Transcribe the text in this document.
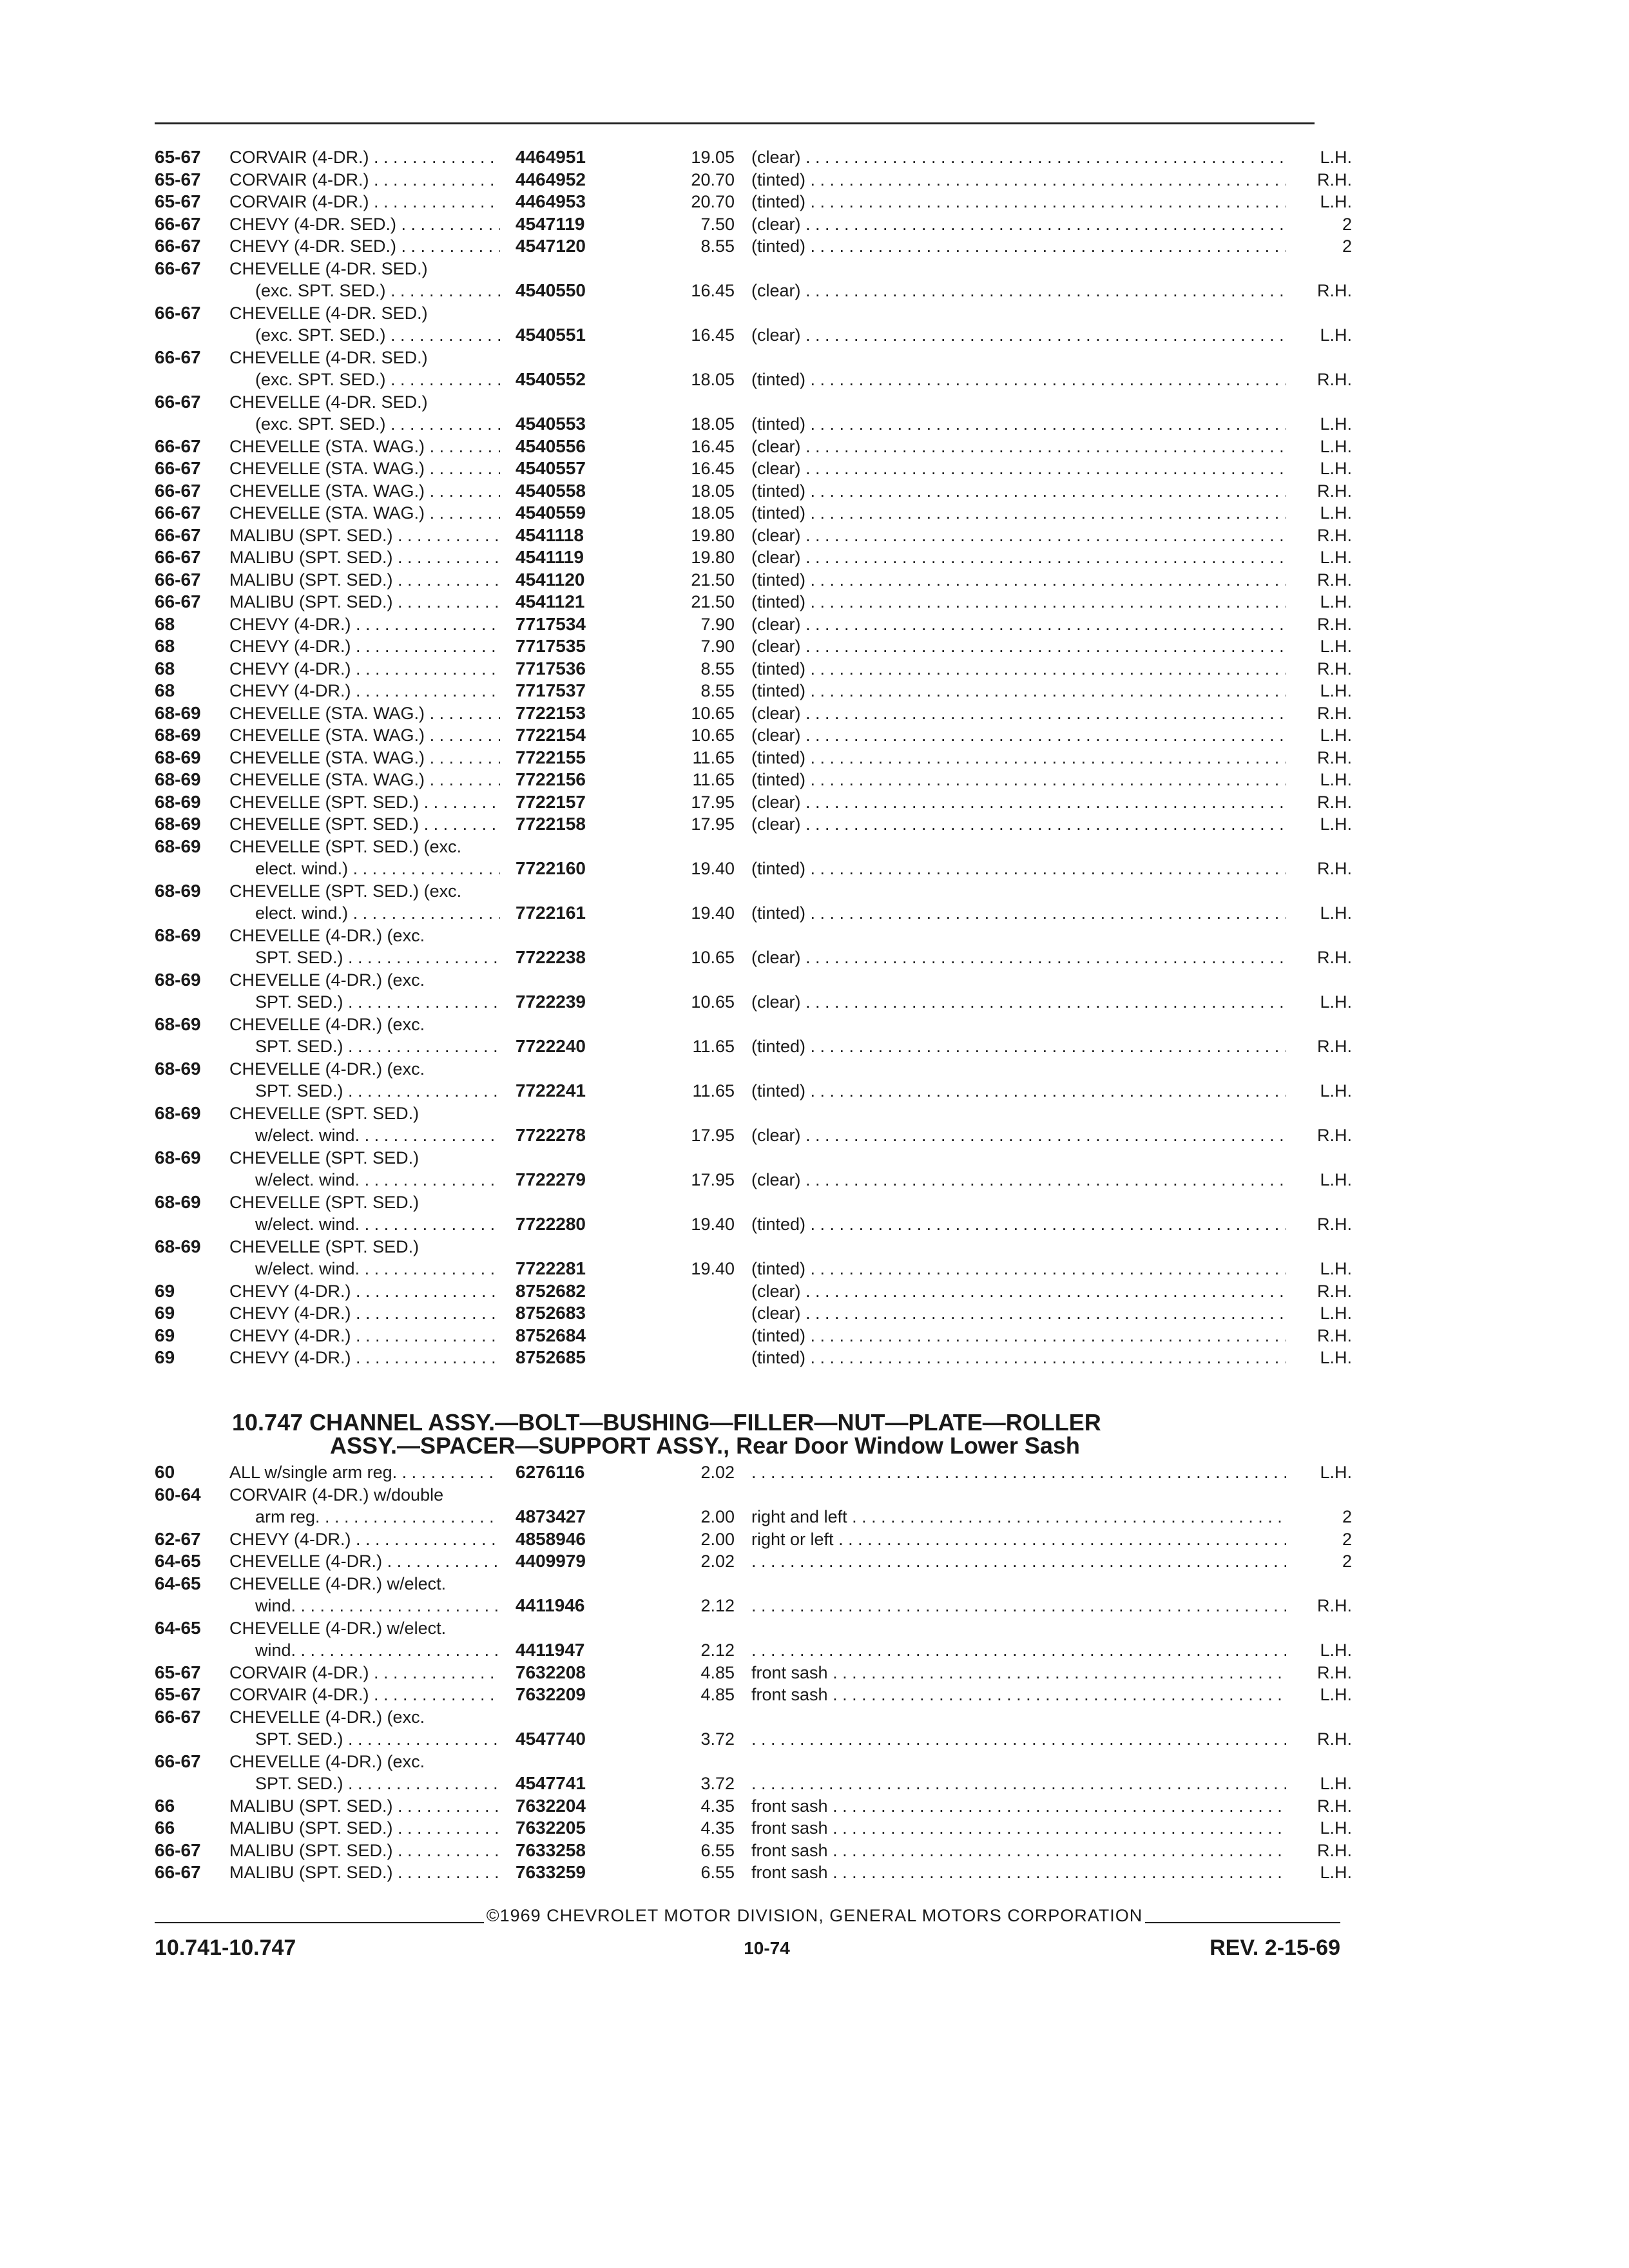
65-67 CORVAIR (4-DR.) . . .	4464951	19.05 (clear) . . .	L.H.
65-67 CORVAIR (4-DR.) . . .	4464952	20.70 (tinted) . . .	R.H.
65-67 CORVAIR (4-DR.) . . .	4464953	20.70 (tinted) . . .	L.H.
66-67 CHEVY (4-DR. SED.) . . .	4547119	7.50 (clear) . . .	2
66-67 CHEVY (4-DR. SED.) . . .	4547120	8.55 (tinted) . . .	2
66-67 CHEVELLE (4-DR. SED.)
(exc. SPT. SED.) . . .	4540550	16.45 (clear) . . .	R.H.
66-67 CHEVELLE (4-DR. SED.)
(exc. SPT. SED.) . . .	4540551	16.45 (clear) . . .	L.H.
66-67 CHEVELLE (4-DR. SED.)
(exc. SPT. SED.) . . .	4540552	18.05 (tinted) . . .	R.H.
66-67 CHEVELLE (4-DR. SED.)
(exc. SPT. SED.) . . .	4540553	18.05 (tinted) . . .	L.H.
66-67 CHEVELLE (STA. WAG.) . . .	4540556	16.45 (clear) . . .	L.H.
66-67 CHEVELLE (STA. WAG.) . . .	4540557	16.45 (clear) . . .	L.H.
66-67 CHEVELLE (STA. WAG.) . . .	4540558	18.05 (tinted) . . .	R.H.
66-67 CHEVELLE (STA. WAG.) . . .	4540559	18.05 (tinted) . . .	L.H.
66-67 MALIBU (SPT. SED.) . . .	4541118	19.80 (clear) . . .	R.H.
66-67 MALIBU (SPT. SED.) . . .	4541119	19.80 (clear) . . .	L.H.
66-67 MALIBU (SPT. SED.) . . .	4541120	21.50 (tinted) . . .	R.H.
66-67 MALIBU (SPT. SED.) . . .	4541121	21.50 (tinted) . . .	L.H.
68	CHEVY (4-DR.) . . .	7717534	7.90 (clear) . . .	R.H.
68	CHEVY (4-DR.) . . .	7717535	7.90 (clear) . . .	L.H.
68	CHEVY (4-DR.) . . .	7717536	8.55 (tinted) . . .	R.H.
68	CHEVY (4-DR.) . . .	7717537	8.55 (tinted) . . .	L.H.
68-69 CHEVELLE (STA. WAG.) . . .	7722153	10.65 (clear) . . .	R.H.
68-69 CHEVELLE (STA. WAG.) . . .	7722154	10.65 (clear) . . .	L.H.
68-69 CHEVELLE (STA. WAG.) . . .	7722155	11.65 (tinted) . . .	R.H.
68-69 CHEVELLE (STA. WAG.) . . .	7722156	11.65 (tinted) . . .	L.H.
68-69 CHEVELLE (SPT. SED.) . . .	7722157	17.95 (clear) . . .	R.H.
68-69 CHEVELLE (SPT. SED.) . . .	7722158	17.95 (clear) . . .	L.H.
68-69 CHEVELLE (SPT. SED.) (exc.
elect. wind.) . . .	7722160	19.40 (tinted) . . .	R.H.
68-69 CHEVELLE (SPT. SED.) (exc.
elect. wind.) . . .	7722161	19.40 (tinted) . . .	L.H.
68-69 CHEVELLE (4-DR.) (exc.
SPT. SED.) . . .	7722238	10.65 (clear) . . .	R.H.
68-69 CHEVELLE (4-DR.) (exc.
SPT. SED.) . . .	7722239	10.65 (clear) . . .	L.H.
68-69 CHEVELLE (4-DR.) (exc.
SPT. SED.) . . .	7722240	11.65 (tinted) . . .	R.H.
68-69 CHEVELLE (4-DR.) (exc.
SPT. SED.) . . .	7722241	11.65 (tinted) . . .	L.H.
68-69 CHEVELLE (SPT. SED.)
w/elect. wind. . . .	7722278	17.95 (clear) . . .	R.H.
68-69 CHEVELLE (SPT. SED.)
w/elect. wind. . . .	7722279	17.95 (clear) . . .	L.H.
68-69 CHEVELLE (SPT. SED.)
w/elect. wind. . . .	7722280	19.40 (tinted) . . .	R.H.
68-69 CHEVELLE (SPT. SED.)
w/elect. wind. . . .	7722281	19.40 (tinted) . . .	L.H.
69	CHEVY (4-DR.) . . .	8752682	(clear) . . .	R.H.
69	CHEVY (4-DR.) . . .	8752683	(clear) . . .	L.H.
69	CHEVY (4-DR.) . . .	8752684	(tinted) . . .	R.H.
69	CHEVY (4-DR.) . . .	8752685	(tinted) . . .	L.H.
10.747 CHANNEL ASSY.—BOLT—BUSHING—FILLER—NUT—PLATE—ROLLER
ASSY.—SPACER—SUPPORT ASSY., Rear Door Window Lower Sash
60	ALL w/single arm reg. . . .	6276116	2.02 . . .	L.H.
60-64 CORVAIR (4-DR.) w/double
arm reg. . . .	4873427	2.00 right and left . . .	2
62-67 CHEVY (4-DR.) . . .	4858946	2.00 right or left . . .	2
64-65 CHEVELLE (4-DR.) . . .	4409979	2.02 . . .	2
64-65 CHEVELLE (4-DR.) w/elect.
wind. . . .	4411946	2.12 . . .	R.H.
64-65 CHEVELLE (4-DR.) w/elect.
wind. . . .	4411947	2.12 . . .	L.H.
65-67 CORVAIR (4-DR.) . . .	7632208	4.85 front sash . . .	R.H.
65-67 CORVAIR (4-DR.) . . .	7632209	4.85 front sash . . .	L.H.
66-67 CHEVELLE (4-DR.) (exc.
SPT. SED.) . . .	4547740	3.72 . . .	R.H.
66-67 CHEVELLE (4-DR.) (exc.
SPT. SED.) . . .	4547741	3.72 . . .	L.H.
66	MALIBU (SPT. SED.) . . .	7632204	4.35 front sash . . .	R.H.
66	MALIBU (SPT. SED.) . . .	7632205	4.35 front sash . . .	L.H.
66-67 MALIBU (SPT. SED.) . . .	7633258	6.55 front sash . . .	R.H.
66-67 MALIBU (SPT. SED.) . . .	7633259	6.55 front sash . . .	L.H.
©1969 CHEVROLET MOTOR DIVISION, GENERAL MOTORS CORPORATION
10.741-10.747	10-74	REV. 2-15-69
